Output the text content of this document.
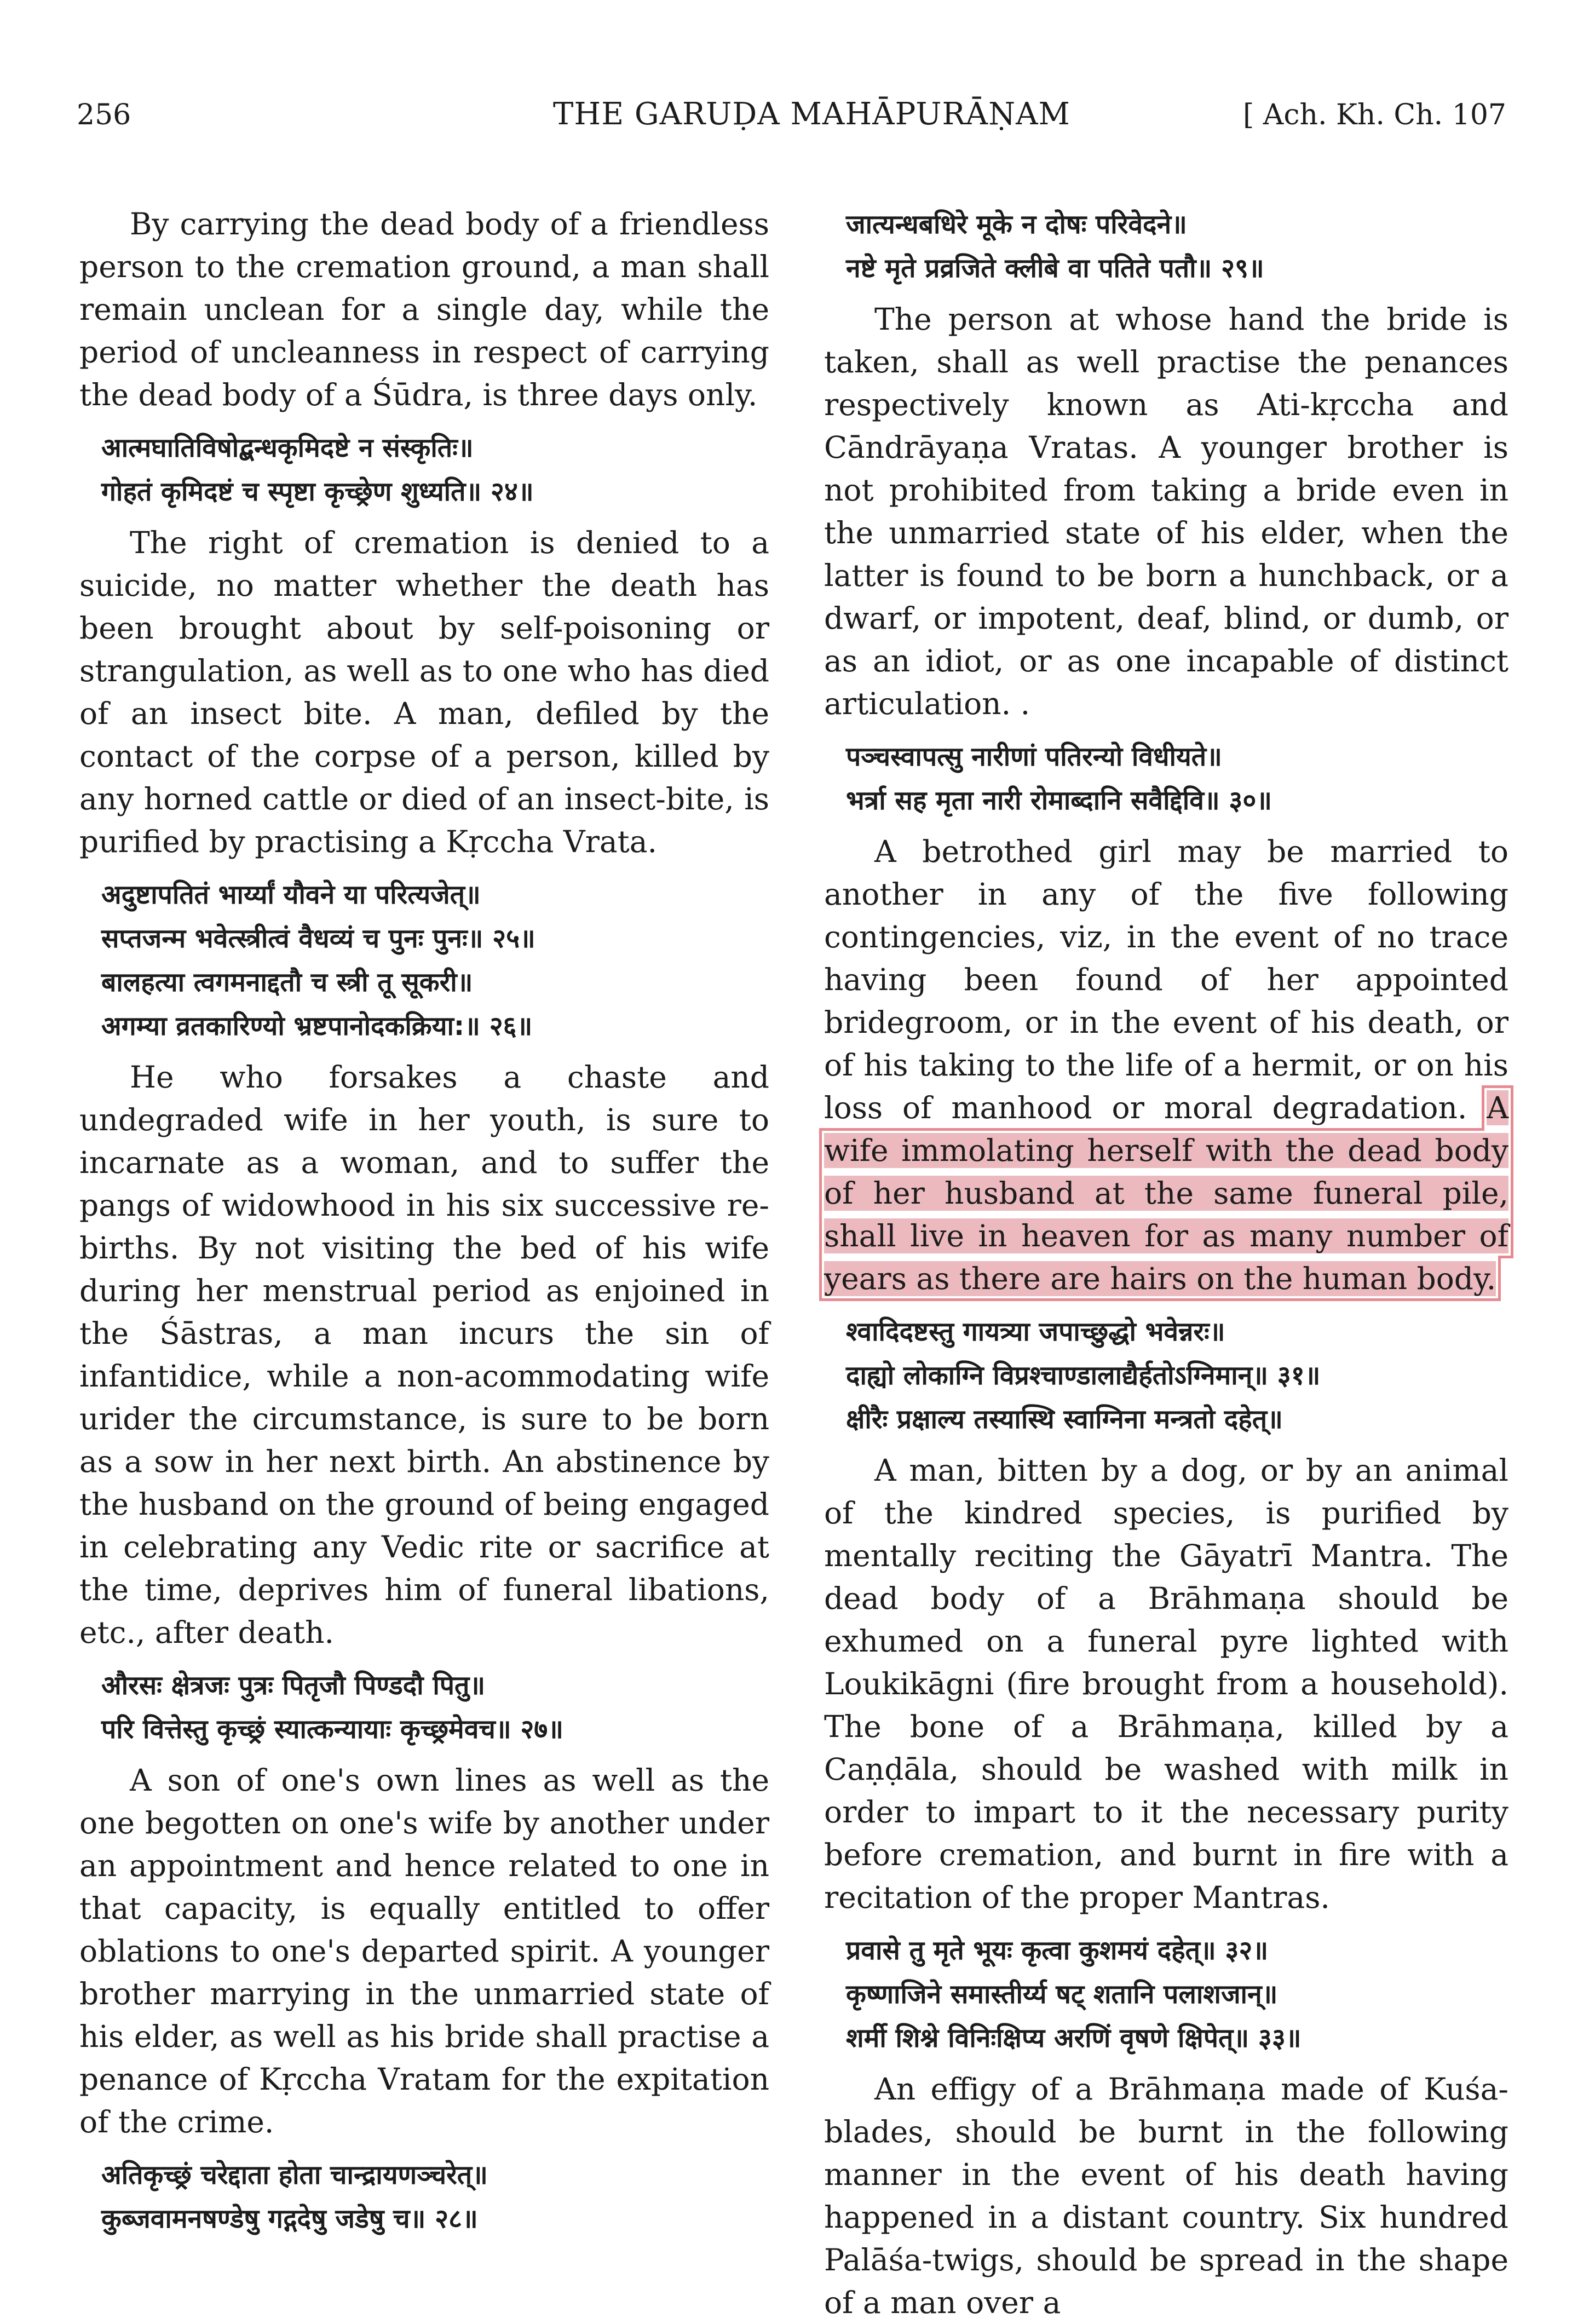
256	THE GARUḌA MAHĀPURĀṆAM	[ Ach. Kh. Ch. 107

By carrying the dead body of a friendless person to the cremation ground, a man shall remain unclean for a single day, while the period of uncleanness in respect of carrying the dead body of a Śūdra, is three days only.

आत्मघातिविषोद्बन्धकृमिदष्टे न संस्कृतिः॥
गोहतं कृमिदष्टं च स्पृष्टा कृच्छ्रेण शुध्यति॥ २४॥

The right of cremation is denied to a suicide, no matter whether the death has been brought about by self-poisoning or strangulation, as well as to one who has died of an insect bite. A man, defiled by the contact of the corpse of a person, killed by any horned cattle or died of an insect-bite, is purified by practising a Kṛccha Vrata.

अदुष्टापतितं भार्य्यां यौवने या परित्यजेत्॥
सप्तजन्म भवेत्स्त्रीत्वं वैधव्यं च पुनः पुनः॥ २५॥
बालहत्या त्वगमनाद्दतौ च स्त्री तू सूकरी॥
अगम्या व्रतकारिण्यो भ्रष्टपानोदकक्रिया:॥ २६॥

He who forsakes a chaste and undegraded wife in her youth, is sure to incarnate as a woman, and to suffer the pangs of widowhood in his six successive re-births. By not visiting the bed of his wife during her menstrual period as enjoined in the Śāstras, a man incurs the sin of infantidice, while a non-acommodating wife urider the circumstance, is sure to be born as a sow in her next birth. An abstinence by the husband on the ground of being engaged in celebrating any Vedic rite or sacrifice at the time, deprives him of funeral libations, etc., after death.

औरसः क्षेत्रजः पुत्रः पितृजौ पिण्डदौ पितु॥
परि वित्तेस्तु कृच्छ्रं स्यात्कन्यायाः कृच्छ्रमेवच॥ २७॥

A son of one's own lines as well as the one begotten on one's wife by another under an appointment and hence related to one in that capacity, is equally entitled to offer oblations to one's departed spirit. A younger brother marrying in the unmarried state of his elder, as well as his bride shall practise a penance of Kṛccha Vratam for the expitation of the crime.

अतिकृच्छ्रं चरेद्दाता होता चान्द्रायणञ्चरेत्॥
कुब्जवामनषण्डेषु गद्गदेषु जडेषु च॥ २८॥
जात्यन्धबधिरे मूके न दोषः परिवेदने॥
नष्टे मृते प्रव्रजिते क्लीबे वा पतिते पतौ॥ २९॥

The person at whose hand the bride is taken, shall as well practise the penances respectively known as Ati-kṛccha and Cāndrāyaṇa Vratas. A younger brother is not prohibited from taking a bride even in the unmarried state of his elder, when the latter is found to be born a hunchback, or a dwarf, or impotent, deaf, blind, or dumb, or as an idiot, or as one incapable of distinct articulation. .

पञ्चस्वापत्सु नारीणां पतिरन्यो विधीयते॥
भर्त्रा सह मृता नारी रोमाब्दानि सवैद्दिवि॥ ३०॥

A betrothed girl may be married to another in any of the five following contingencies, viz, in the event of no trace having been found of her appointed bridegroom, or in the event of his death, or of his taking to the life of a hermit, or on his loss of manhood or moral degradation. A wife immolating herself with the dead body of her husband at the same funeral pile, shall live in heaven for as many number of years as there are hairs on the human body.

श्वादिदष्टस्तु गायत्र्या जपाच्छुद्धो भवेन्नरः॥
दाह्यो लोकाग्नि विप्रश्चाण्डालाद्यैर्हतोऽग्निमान्॥ ३१॥
क्षीरैः प्रक्षाल्य तस्यास्थि स्वाग्निना मन्त्रतो दहेत्॥

A man, bitten by a dog, or by an animal of the kindred species, is purified by mentally reciting the Gāyatrī Mantra. The dead body of a Brāhmaṇa should be exhumed on a funeral pyre lighted with Loukikāgni (fire brought from a household). The bone of a Brāhmaṇa, killed by a Caṇḍāla, should be washed with milk in order to impart to it the necessary purity before cremation, and burnt in fire with a recitation of the proper Mantras.

प्रवासे तु मृते भूयः कृत्वा कुशमयं दहेत्॥ ३२॥
कृष्णाजिने समास्तीर्य्य षट् शतानि पलाशजान्॥
शर्मी शिश्ने विनिःक्षिप्य अरणिं वृषणे क्षिपेत्॥ ३३॥

An effigy of a Brāhmaṇa made of Kuśa-blades, should be burnt in the following manner in the event of his death having happened in a distant country. Six hundred Palāśa-twigs, should be spread in the shape of a man over a
